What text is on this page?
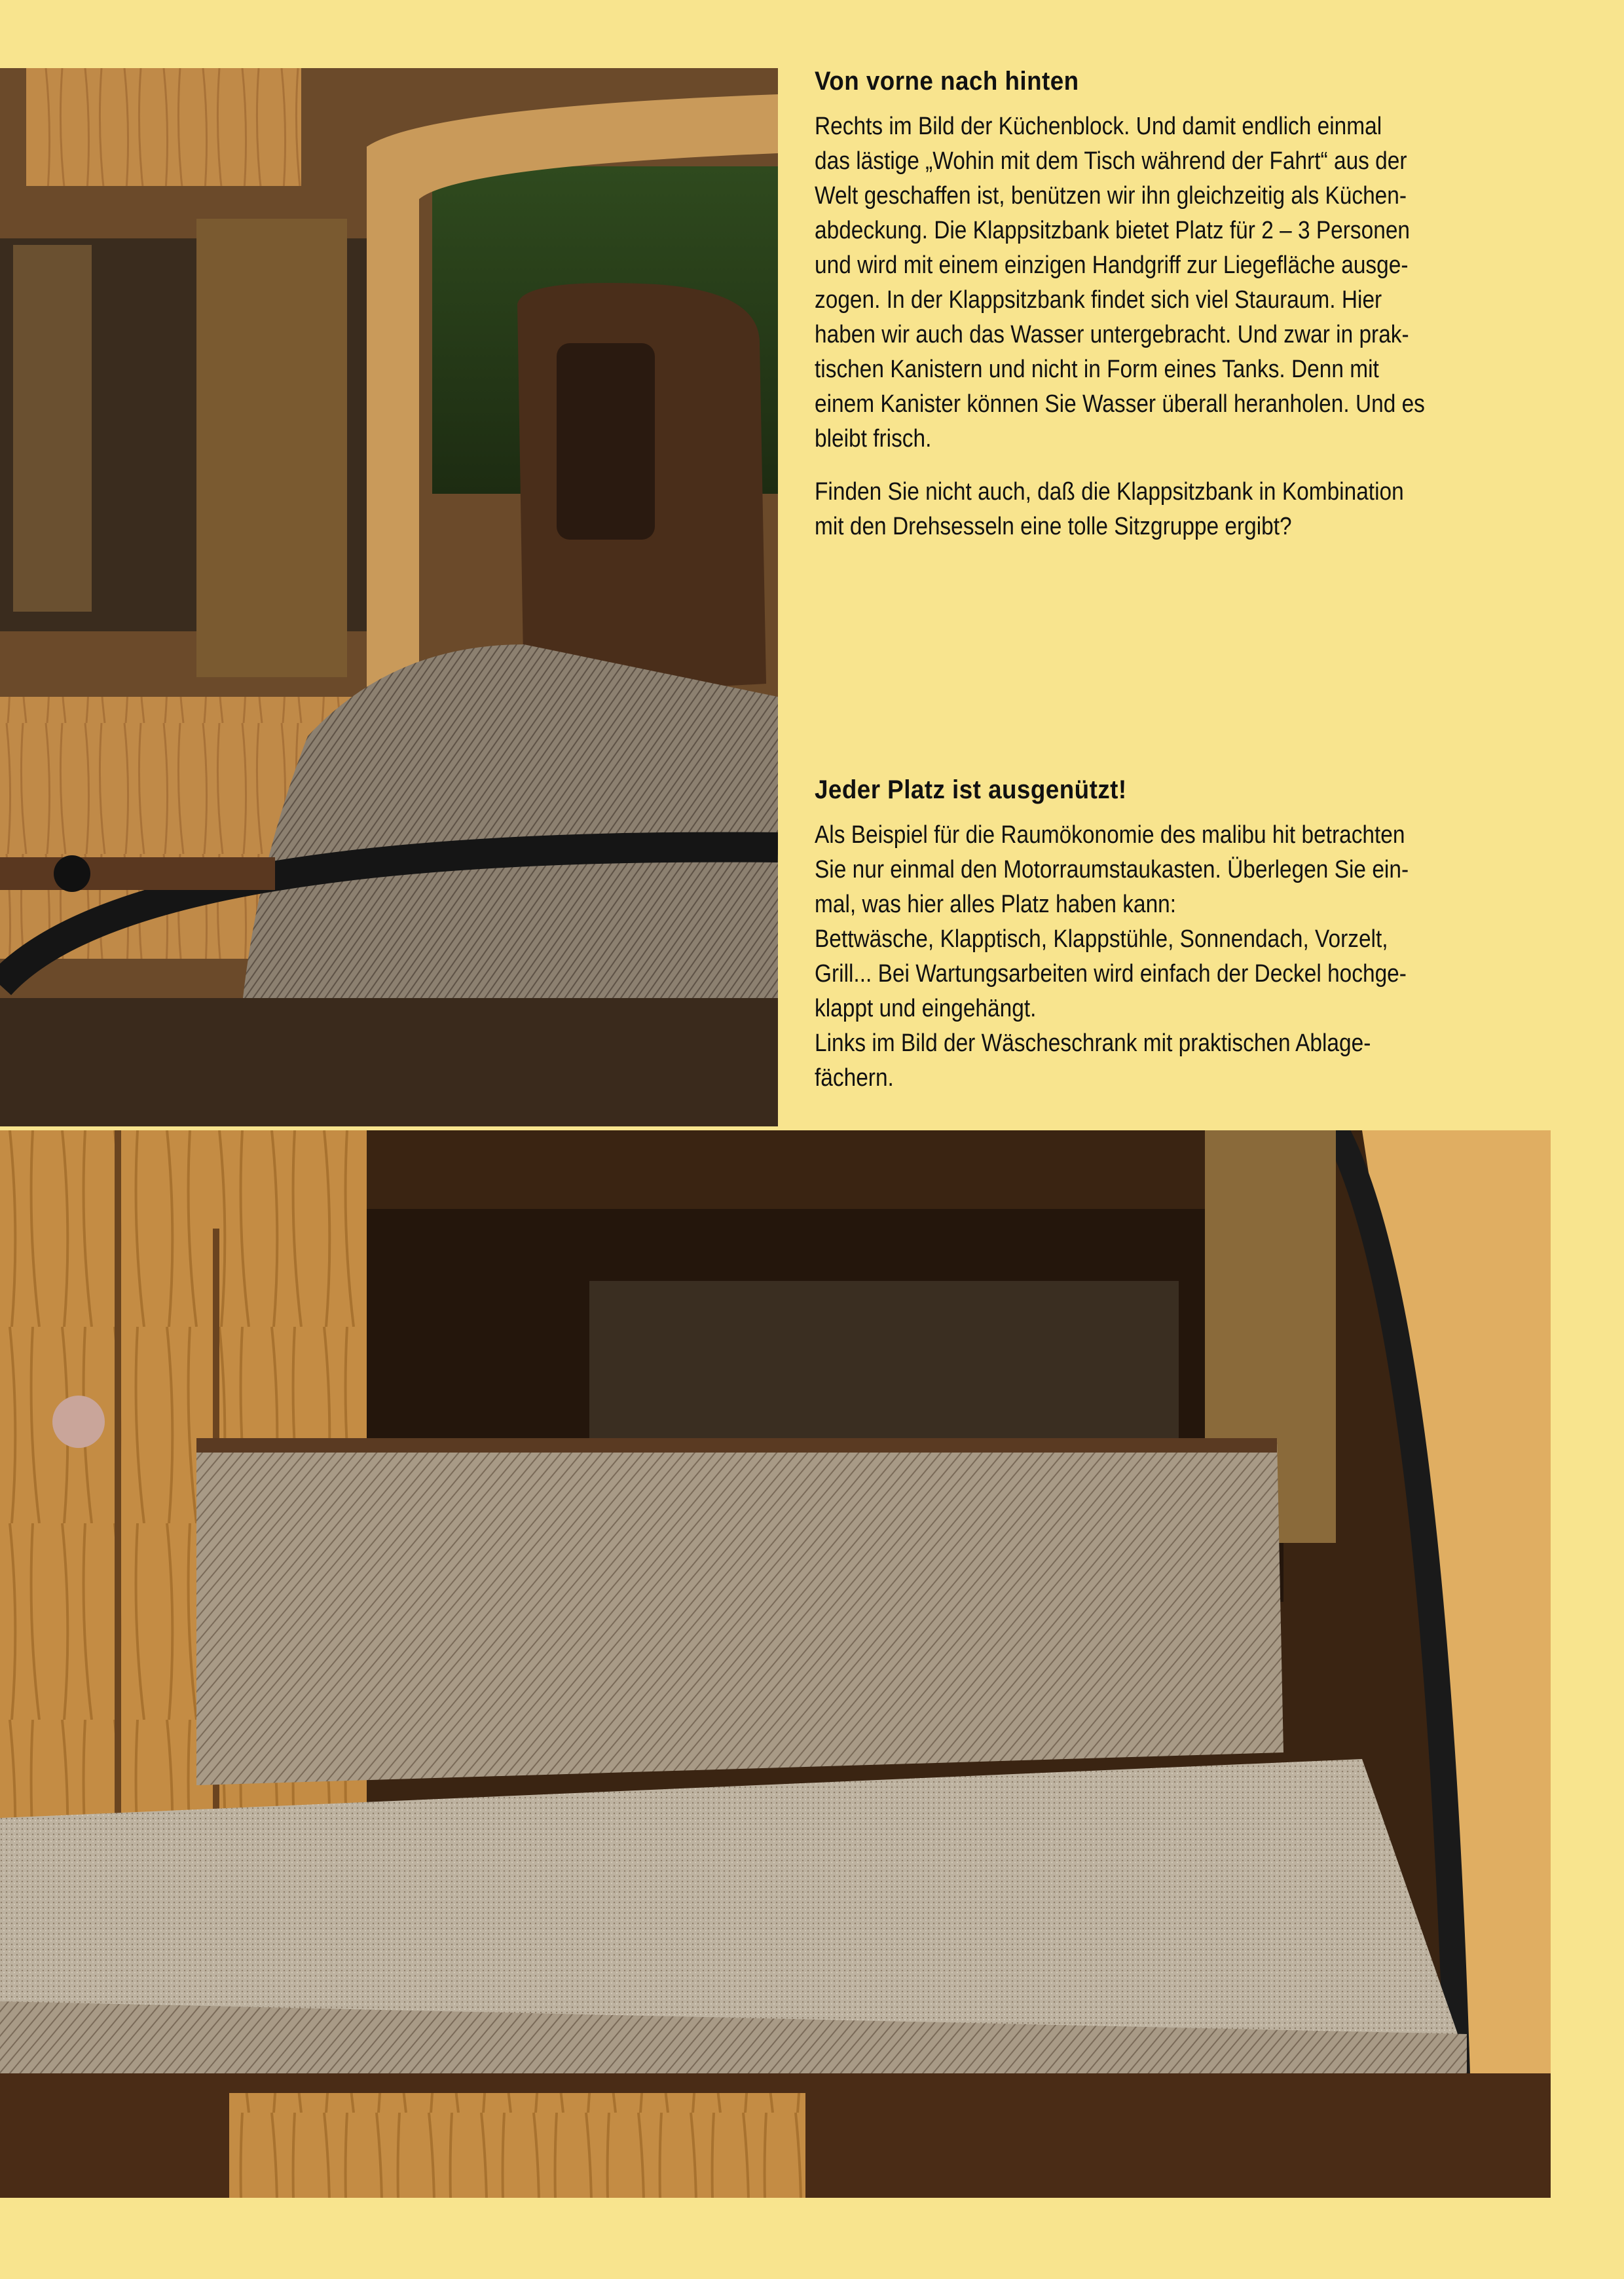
Von vorne nach hinten

Rechts im Bild der Küchenblock. Und damit endlich einmal
das lästige „Wohin mit dem Tisch während der Fahrt“ aus der
Welt geschaffen ist, benützen wir ihn gleichzeitig als Küchen-
abdeckung. Die Klappsitzbank bietet Platz für 2 – 3 Personen
und wird mit einem einzigen Handgriff zur Liegefläche ausge-
zogen. In der Klappsitzbank findet sich viel Stauraum. Hier
haben wir auch das Wasser untergebracht. Und zwar in prak-
tischen Kanistern und nicht in Form eines Tanks. Denn mit
einem Kanister können Sie Wasser überall heranholen. Und es
bleibt frisch.

Finden Sie nicht auch, daß die Klappsitzbank in Kombination
mit den Drehsesseln eine tolle Sitzgruppe ergibt?

Jeder Platz ist ausgenützt!

Als Beispiel für die Raumökonomie des malibu hit betrachten
Sie nur einmal den Motorraumstaukasten. Überlegen Sie ein-
mal, was hier alles Platz haben kann:
Bettwäsche, Klapptisch, Klappstühle, Sonnendach, Vorzelt,
Grill... Bei Wartungsarbeiten wird einfach der Deckel hochge-
klappt und eingehängt.
Links im Bild der Wäscheschrank mit praktischen Ablage-
fächern.
